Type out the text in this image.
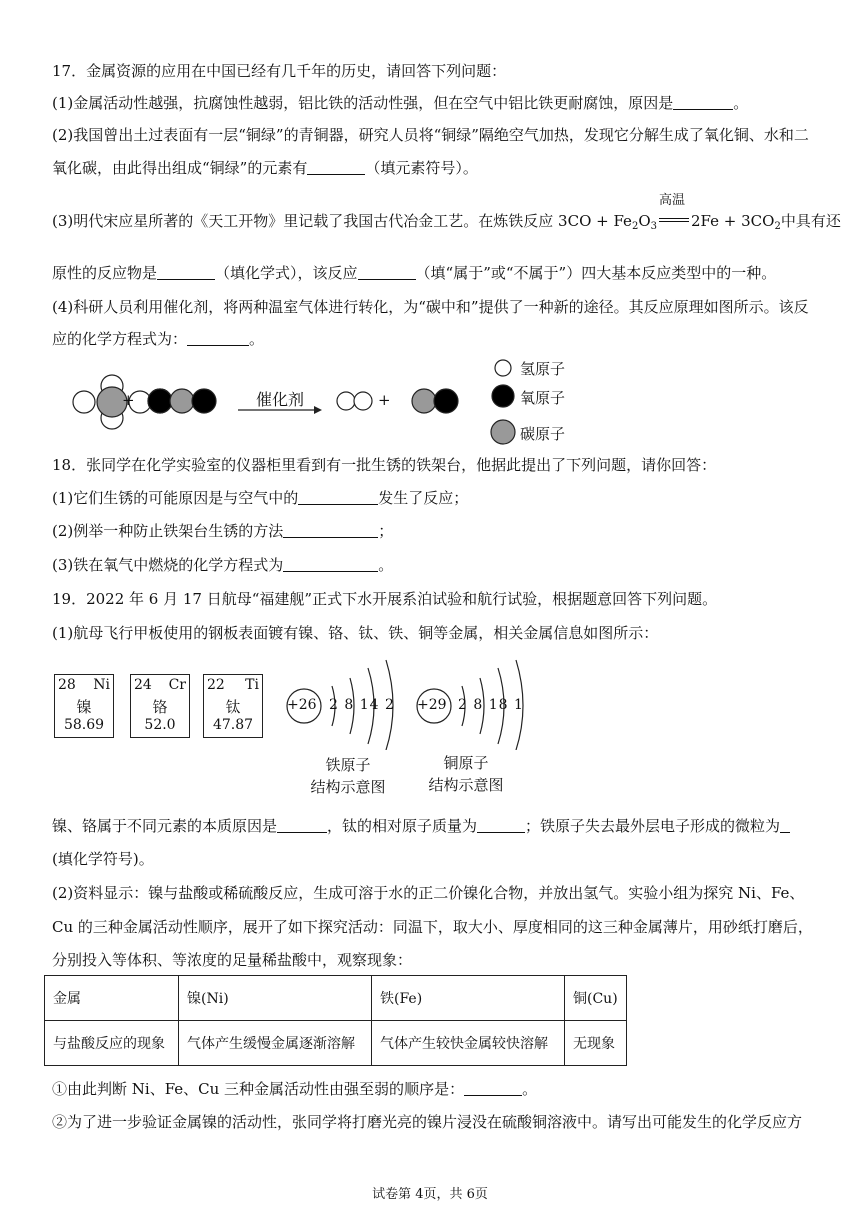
17．金属资源的应用在中国已经有几千年的历史，请回答下列问题：
(1)金属活动性越强，抗腐蚀性越弱，铝比铁的活动性强，但在空气中铝比铁更耐腐蚀，原因是	。
(2)我国曾出土过表面有一层“铜绿”的青铜器，研究人员将“铜绿”隔绝空气加热，发现它分解生成了氧化铜、水和二
氧化碳，由此得出组成“铜绿”的元素有	（填元素符号）。
(3)明代宋应星所著的《天工开物》里记载了我国古代冶金工艺。在炼铁反应 $3CO + Fe_2O_3$
高温
$2Fe + 3CO_2$中具有还
原性的反应物是	（填化学式），该反应	（填“属于”或“不属于”）四大基本反应类型中的一种。
(4)科研人员利用催化剂，将两种温室气体进行转化，为“碳中和”提供了一种新的途径。其反应原理如图所示。该反
应的化学方程式为：	。
+	催化剂	+
氢原子
氧原子
碳原子
18．张同学在化学实验室的仪器柜里看到有一批生锈的铁架台，他据此提出了下列问题，请你回答：
(1)它们生锈的可能原因是与空气中的	发生了反应；
(2)例举一种防止铁架台生锈的方法	；
(3)铁在氧气中燃烧的化学方程式为	。
19．2022 年 6 月 17 日航母“福建舰”正式下水开展系泊试验和航行试验，根据题意回答下列问题。
(1)航母飞行甲板使用的钢板表面镀有镍、铬、钛、铁、铜等金属，相关金属信息如图所示：
28 Ni
镍
58.69
24 Cr
铬
52.0
22 Ti
钛
47.87
+26 2 8 14 2 +29 2 8 18 1
铁原子
结构示意图
铜原子
结构示意图
镍、铬属于不同元素的本质原因是	，钛的相对原子质量为	；铁原子失去最外层电子形成的微粒为
(填化学符号)。
(2)资料显示：镍与盐酸或稀硫酸反应，生成可溶于水的正二价镍化合物，并放出氢气。实验小组为探究 Ni、Fe、
Cu 的三种金属活动性顺序，展开了如下探究活动：同温下，取大小、厚度相同的这三种金属薄片，用砂纸打磨后，
分别投入等体积、等浓度的足量稀盐酸中，观察现象：
金属	镍(Ni)	铁(Fe)	铜(Cu)
与盐酸反应的现象	气体产生缓慢金属逐渐溶解	气体产生较快金属较快溶解	无现象
①由此判断 Ni、Fe、Cu 三种金属活动性由强至弱的顺序是：	。
②为了进一步验证金属镍的活动性，张同学将打磨光亮的镍片浸没在硫酸铜溶液中。请写出可能发生的化学反应方
试卷第 4页，共 6页
